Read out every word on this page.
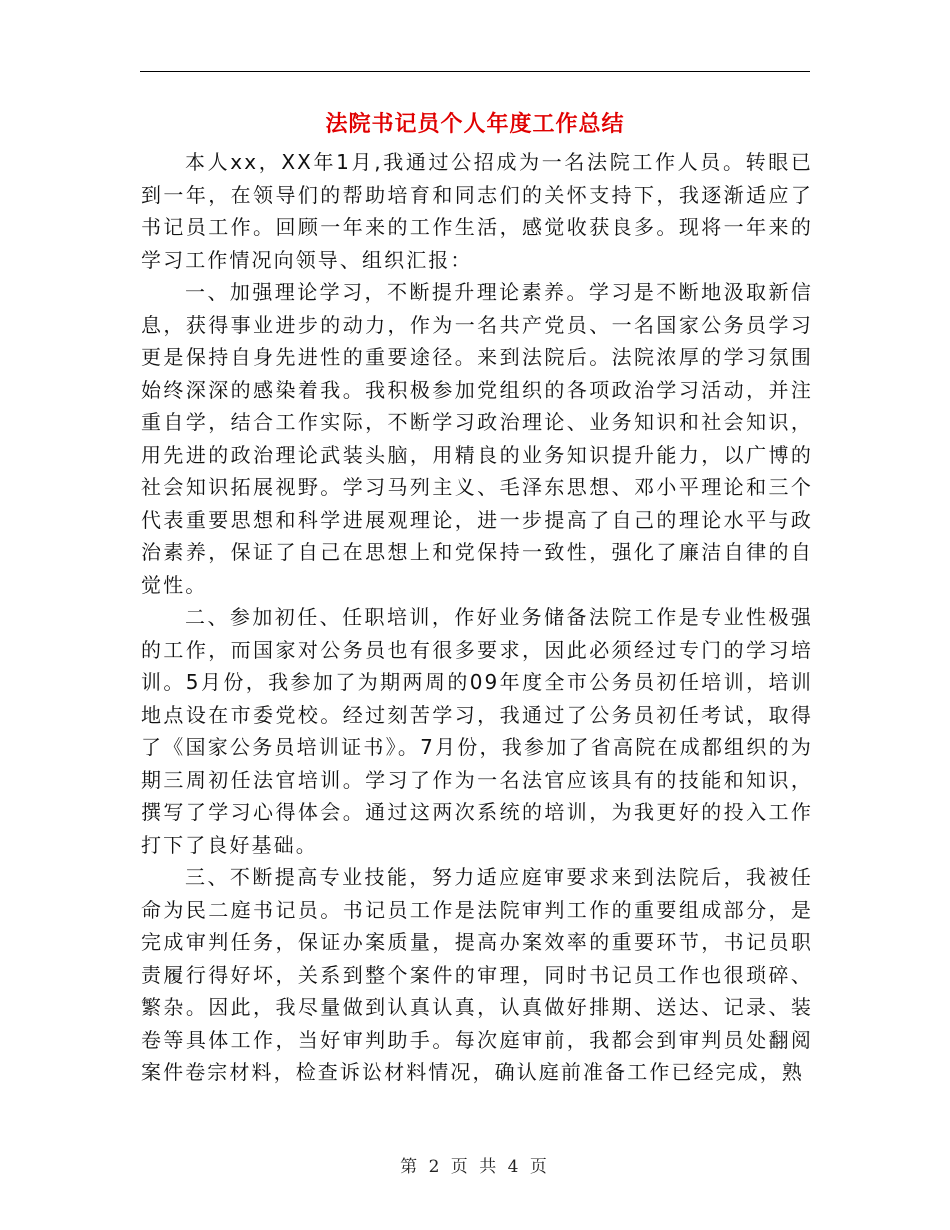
法院书记员个人年度工作总结

本人xx，XX年1月,我通过公招成为一名法院工作人员。转眼已到一年，在领导们的帮助培育和同志们的关怀支持下，我逐渐适应了书记员工作。回顾一年来的工作生活，感觉收获良多。现将一年来的学习工作情况向领导、组织汇报：

一、加强理论学习，不断提升理论素养。学习是不断地汲取新信息，获得事业进步的动力，作为一名共产党员、一名国家公务员学习更是保持自身先进性的重要途径。来到法院后。法院浓厚的学习氛围始终深深的感染着我。我积极参加党组织的各项政治学习活动，并注重自学，结合工作实际，不断学习政治理论、业务知识和社会知识，用先进的政治理论武装头脑，用精良的业务知识提升能力，以广博的社会知识拓展视野。学习马列主义、毛泽东思想、邓小平理论和三个代表重要思想和科学进展观理论，进一步提高了自己的理论水平与政治素养，保证了自己在思想上和党保持一致性，强化了廉洁自律的自觉性。

二、参加初任、任职培训，作好业务储备法院工作是专业性极强的工作，而国家对公务员也有很多要求，因此必须经过专门的学习培训。5月份，我参加了为期两周的09年度全市公务员初任培训，培训地点设在市委党校。经过刻苦学习，我通过了公务员初任考试，取得了《国家公务员培训证书》。7月份，我参加了省高院在成都组织的为期三周初任法官培训。学习了作为一名法官应该具有的技能和知识，撰写了学习心得体会。通过这两次系统的培训，为我更好的投入工作打下了良好基础。

三、不断提高专业技能，努力适应庭审要求来到法院后，我被任命为民二庭书记员。书记员工作是法院审判工作的重要组成部分，是完成审判任务，保证办案质量，提高办案效率的重要环节，书记员职责履行得好坏，关系到整个案件的审理，同时书记员工作也很琐碎、繁杂。因此，我尽量做到认真认真，认真做好排期、送达、记录、装卷等具体工作，当好审判助手。每次庭审前，我都会到审判员处翻阅案件卷宗材料，检查诉讼材料情况，确认庭前准备工作已经完成，熟

第 2 页 共 4 页
